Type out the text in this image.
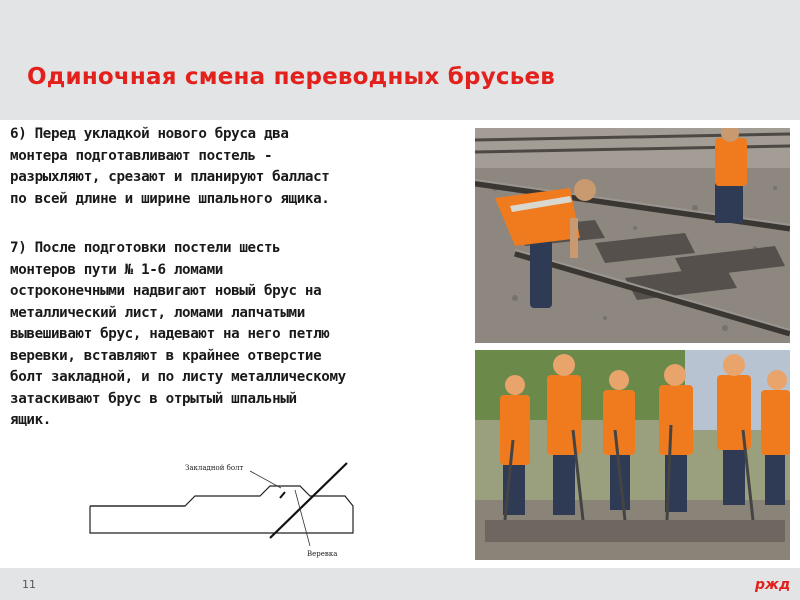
Одиночная смена переводных брусьев
6) Перед укладкой нового бруса два
монтера подготавливают постель -
разрыхляют, срезают и планируют балласт
по всей длине и ширине шпального ящика.
7) После подготовки постели шесть
монтеров пути № 1-6 ломами
остроконечными надвигают новый брус на
металлический лист, ломами лапчатыми
вывешивают брус, надевают на него петлю
веревки, вставляют в крайнее отверстие
болт закладной, и по листу металлическому
затаскивают брус в отрытый шпальный
ящик.
Закладной болт
Веревка
11	ржд
